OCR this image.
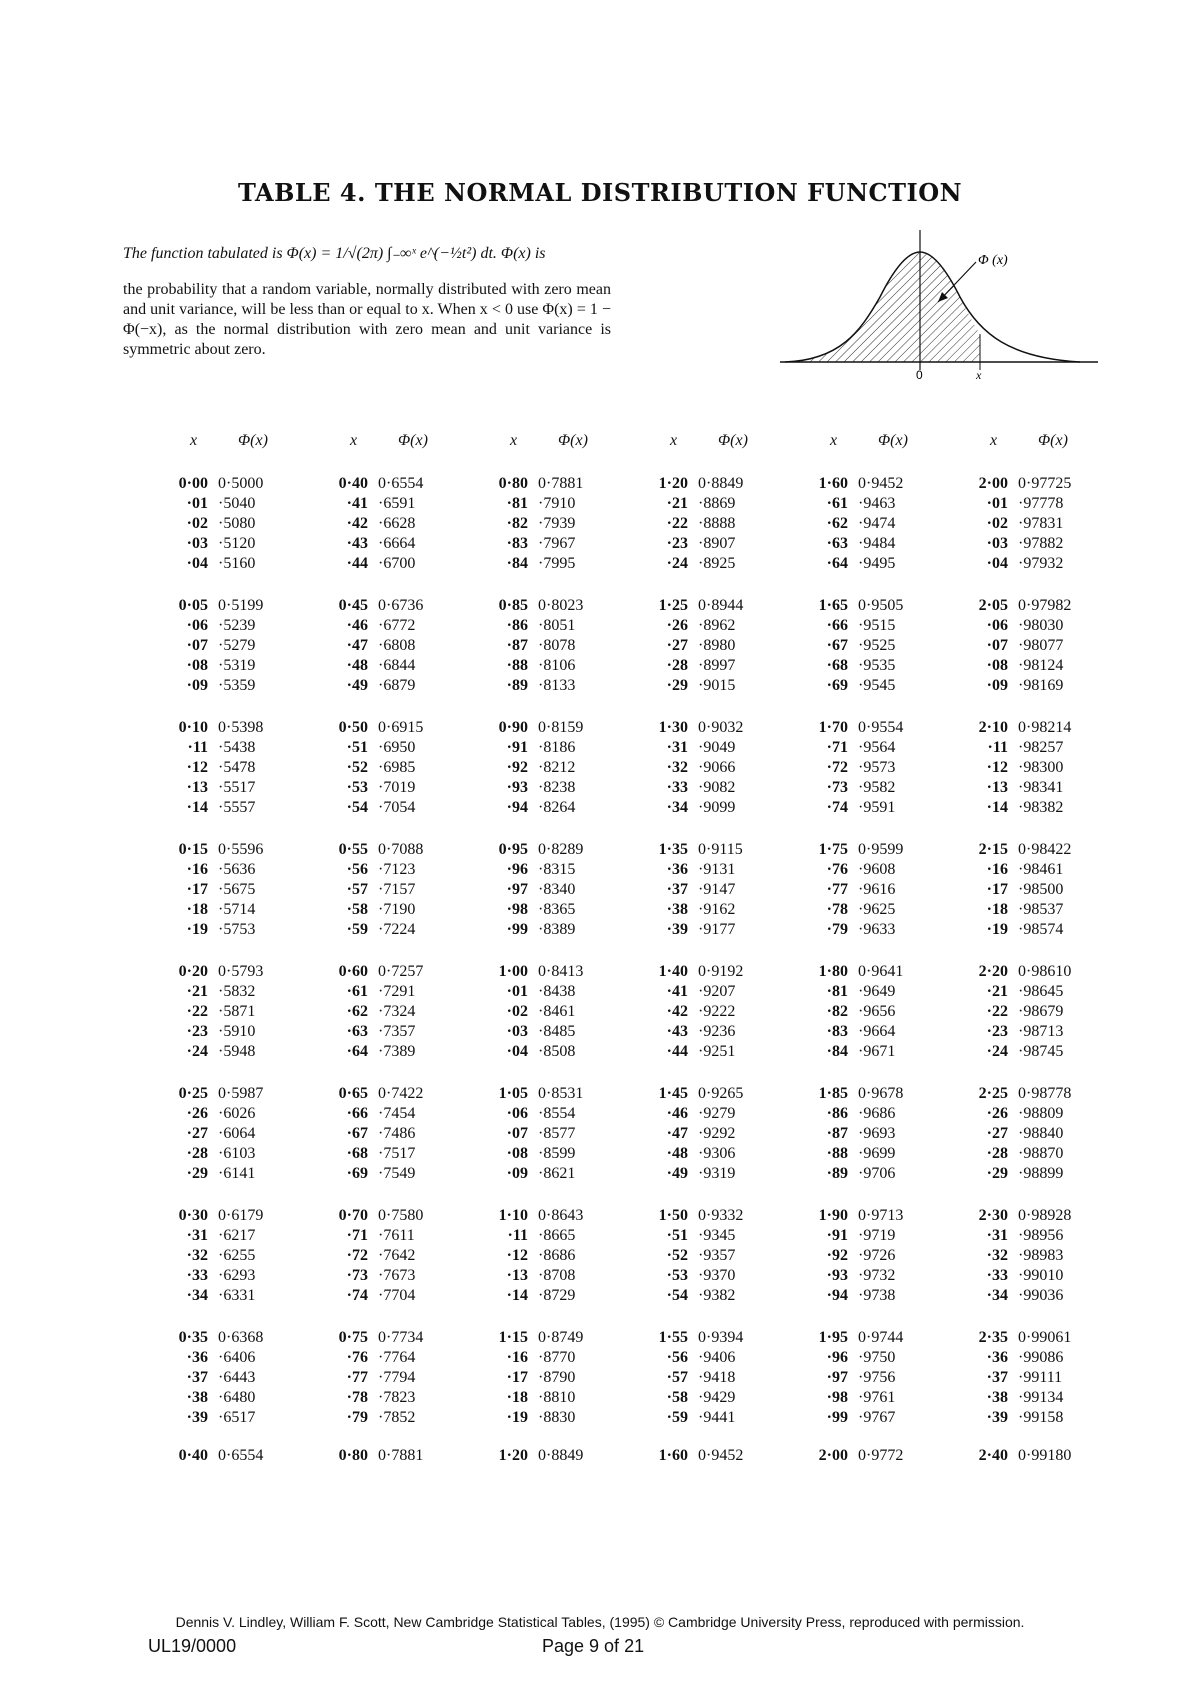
TABLE 4. THE NORMAL DISTRIBUTION FUNCTION
The function tabulated is Φ(x) = 1/√(2π) ∫₋∞ˣ e^(−½t²) dt. Φ(x) is
the probability that a random variable, normally distributed with zero mean and unit variance, will be less than or equal to x. When x < 0 use Φ(x) = 1 − Φ(−x), as the normal distribution with zero mean and unit variance is symmetric about zero.
Φ (x)
0	x
x	Φ(x)
0·00 0·5000
·01 ·5040
·02 ·5080
·03 ·5120
·04 ·5160
0·05 0·5199
·06 ·5239
·07 ·5279
·08 ·5319
·09 ·5359
0·10 0·5398
·11 ·5438
·12 ·5478
·13 ·5517
·14 ·5557
0·15 0·5596
·16 ·5636
·17 ·5675
·18 ·5714
·19 ·5753
0·20 0·5793
·21 ·5832
·22 ·5871
·23 ·5910
·24 ·5948
0·25 0·5987
·26 ·6026
·27 ·6064
·28 ·6103
·29 ·6141
0·30 0·6179
·31 ·6217
·32 ·6255
·33 ·6293
·34 ·6331
0·35 0·6368
·36 ·6406
·37 ·6443
·38 ·6480
·39 ·6517
0·40 0·6554
x	Φ(x)
0·40 0·6554
·41 ·6591
·42 ·6628
·43 ·6664
·44 ·6700
0·45 0·6736
·46 ·6772
·47 ·6808
·48 ·6844
·49 ·6879
0·50 0·6915
·51 ·6950
·52 ·6985
·53 ·7019
·54 ·7054
0·55 0·7088
·56 ·7123
·57 ·7157
·58 ·7190
·59 ·7224
0·60 0·7257
·61 ·7291
·62 ·7324
·63 ·7357
·64 ·7389
0·65 0·7422
·66 ·7454
·67 ·7486
·68 ·7517
·69 ·7549
0·70 0·7580
·71 ·7611
·72 ·7642
·73 ·7673
·74 ·7704
0·75 0·7734
·76 ·7764
·77 ·7794
·78 ·7823
·79 ·7852
0·80 0·7881
x	Φ(x)
0·80 0·7881
·81 ·7910
·82 ·7939
·83 ·7967
·84 ·7995
0·85 0·8023
·86 ·8051
·87 ·8078
·88 ·8106
·89 ·8133
0·90 0·8159
·91 ·8186
·92 ·8212
·93 ·8238
·94 ·8264
0·95 0·8289
·96 ·8315
·97 ·8340
·98 ·8365
·99 ·8389
1·00 0·8413
·01 ·8438
·02 ·8461
·03 ·8485
·04 ·8508
1·05 0·8531
·06 ·8554
·07 ·8577
·08 ·8599
·09 ·8621
1·10 0·8643
·11 ·8665
·12 ·8686
·13 ·8708
·14 ·8729
1·15 0·8749
·16 ·8770
·17 ·8790
·18 ·8810
·19 ·8830
1·20 0·8849
x	Φ(x)
1·20 0·8849
·21 ·8869
·22 ·8888
·23 ·8907
·24 ·8925
1·25 0·8944
·26 ·8962
·27 ·8980
·28 ·8997
·29 ·9015
1·30 0·9032
·31 ·9049
·32 ·9066
·33 ·9082
·34 ·9099
1·35 0·9115
·36 ·9131
·37 ·9147
·38 ·9162
·39 ·9177
1·40 0·9192
·41 ·9207
·42 ·9222
·43 ·9236
·44 ·9251
1·45 0·9265
·46 ·9279
·47 ·9292
·48 ·9306
·49 ·9319
1·50 0·9332
·51 ·9345
·52 ·9357
·53 ·9370
·54 ·9382
1·55 0·9394
·56 ·9406
·57 ·9418
·58 ·9429
·59 ·9441
1·60 0·9452
x	Φ(x)
1·60 0·9452
·61 ·9463
·62 ·9474
·63 ·9484
·64 ·9495
1·65 0·9505
·66 ·9515
·67 ·9525
·68 ·9535
·69 ·9545
1·70 0·9554
·71 ·9564
·72 ·9573
·73 ·9582
·74 ·9591
1·75 0·9599
·76 ·9608
·77 ·9616
·78 ·9625
·79 ·9633
1·80 0·9641
·81 ·9649
·82 ·9656
·83 ·9664
·84 ·9671
1·85 0·9678
·86 ·9686
·87 ·9693
·88 ·9699
·89 ·9706
1·90 0·9713
·91 ·9719
·92 ·9726
·93 ·9732
·94 ·9738
1·95 0·9744
·96 ·9750
·97 ·9756
·98 ·9761
·99 ·9767
2·00 0·9772
x	Φ(x)
2·00 0·97725
·01 ·97778
·02 ·97831
·03 ·97882
·04 ·97932
2·05 0·97982
·06 ·98030
·07 ·98077
·08 ·98124
·09 ·98169
2·10 0·98214
·11 ·98257
·12 ·98300
·13 ·98341
·14 ·98382
2·15 0·98422
·16 ·98461
·17 ·98500
·18 ·98537
·19 ·98574
2·20 0·98610
·21 ·98645
·22 ·98679
·23 ·98713
·24 ·98745
2·25 0·98778
·26 ·98809
·27 ·98840
·28 ·98870
·29 ·98899
2·30 0·98928
·31 ·98956
·32 ·98983
·33 ·99010
·34 ·99036
2·35 0·99061
·36 ·99086
·37 ·99111
·38 ·99134
·39 ·99158
2·40 0·99180
Dennis V. Lindley, William F. Scott, New Cambridge Statistical Tables, (1995) © Cambridge University Press, reproduced with permission.
UL19/0000	Page 9 of 21
